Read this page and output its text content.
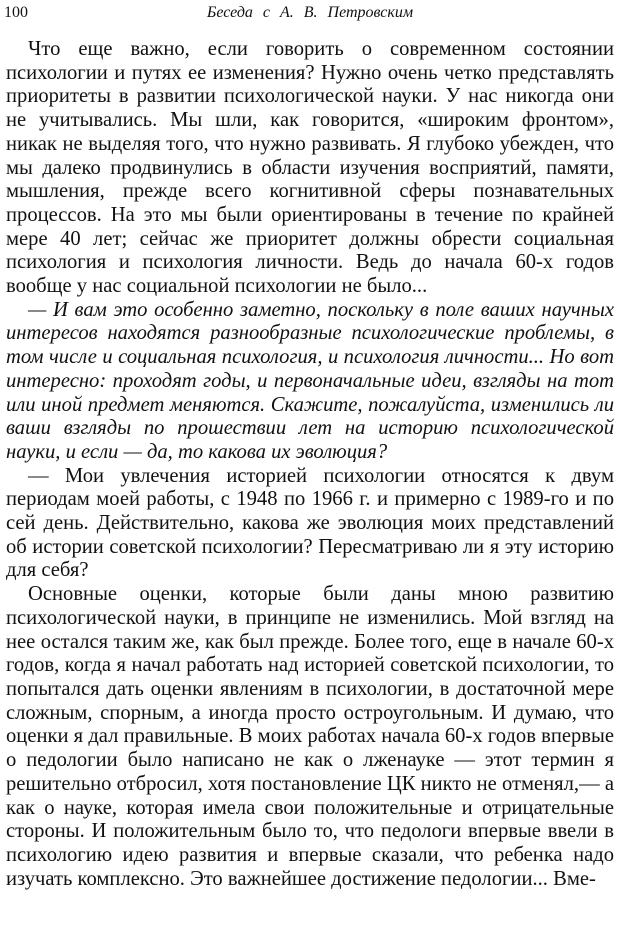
100	Беседа с А. В. Петровским

Что еще важно, если говорить о современном состоянии психологии и путях ее изменения? Нужно очень четко представлять приоритеты в развитии психологической науки. У нас никогда они не учитывались. Мы шли, как говорится, «широким фронтом», никак не выделяя того, что нужно развивать. Я глубоко убежден, что мы далеко продвинулись в области изучения восприятий, памяти, мышления, прежде всего когнитивной сферы познавательных процессов. На это мы были ориентированы в течение по крайней мере 40 лет; сейчас же приоритет должны обрести социальная психология и психология личности. Ведь до начала 60-х годов вообще у нас социальной психологии не было...

— И вам это особенно заметно, поскольку в поле ваших научных интересов находятся разнообразные психологические проблемы, в том числе и социальная психология, и психология личности... Но вот интересно: проходят годы, и первоначальные идеи, взгляды на тот или иной предмет меняются. Скажите, пожалуйста, изменились ли ваши взгляды по прошествии лет на историю психологической науки, и если — да, то какова их эволюция?

— Мои увлечения историей психологии относятся к двум периодам моей работы, с 1948 по 1966 г. и примерно с 1989-го и по сей день. Действительно, какова же эволюция моих представлений об истории советской психологии? Пересматриваю ли я эту историю для себя?

Основные оценки, которые были даны мною развитию психологической науки, в принципе не изменились. Мой взгляд на нее остался таким же, как был прежде. Более того, еще в начале 60-х годов, когда я начал работать над историей советской психологии, то попытался дать оценки явлениям в психологии, в достаточной мере сложным, спорным, а иногда просто остроугольным. И думаю, что оценки я дал правильные. В моих работах начала 60-х годов впервые о педологии было написано не как о лженауке — этот термин я решительно отбросил, хотя постановление ЦК никто не отменял,— а как о науке, которая имела свои положительные и отрицательные стороны. И положительным было то, что педологи впервые ввели в психологию идею развития и впервые сказали, что ребенка надо изучать комплексно. Это важнейшее достижение педологии... Вме-
